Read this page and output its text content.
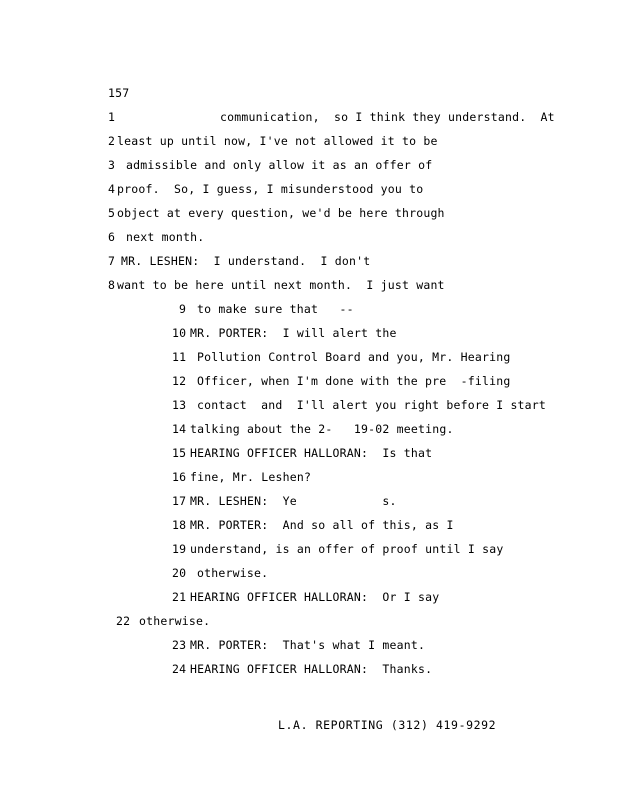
157
1	communication,  so I think they understand.  At
2 least up until now, I've not allowed it to be
3 admissible and only allow it as an offer of
4 proof.  So, I guess, I misunderstood you to
5 object at every question, we'd be here through
6 next month.
7 MR. LESHEN:  I understand.  I don't
8 want to be here until next month.  I just want
9 to make sure that   --
10 MR. PORTER:  I will alert the
11 Pollution Control Board and you, Mr. Hearing
12 Officer, when I'm done with the pre  -filing
13 contact  and  I'll alert you right before I start
14 talking about the 2-   19-02 meeting.
15 HEARING OFFICER HALLORAN:  Is that
16 fine, Mr. Leshen?
17 MR. LESHEN:  Ye            s.
18 MR. PORTER:  And so all of this, as I
19 understand, is an offer of proof until I say
20 otherwise.
21 HEARING OFFICER HALLORAN:  Or I say
22 otherwise.
23 MR. PORTER:  That's what I meant.
24 HEARING OFFICER HALLORAN:  Thanks.
L.A. REPORTING (312) 419-9292
